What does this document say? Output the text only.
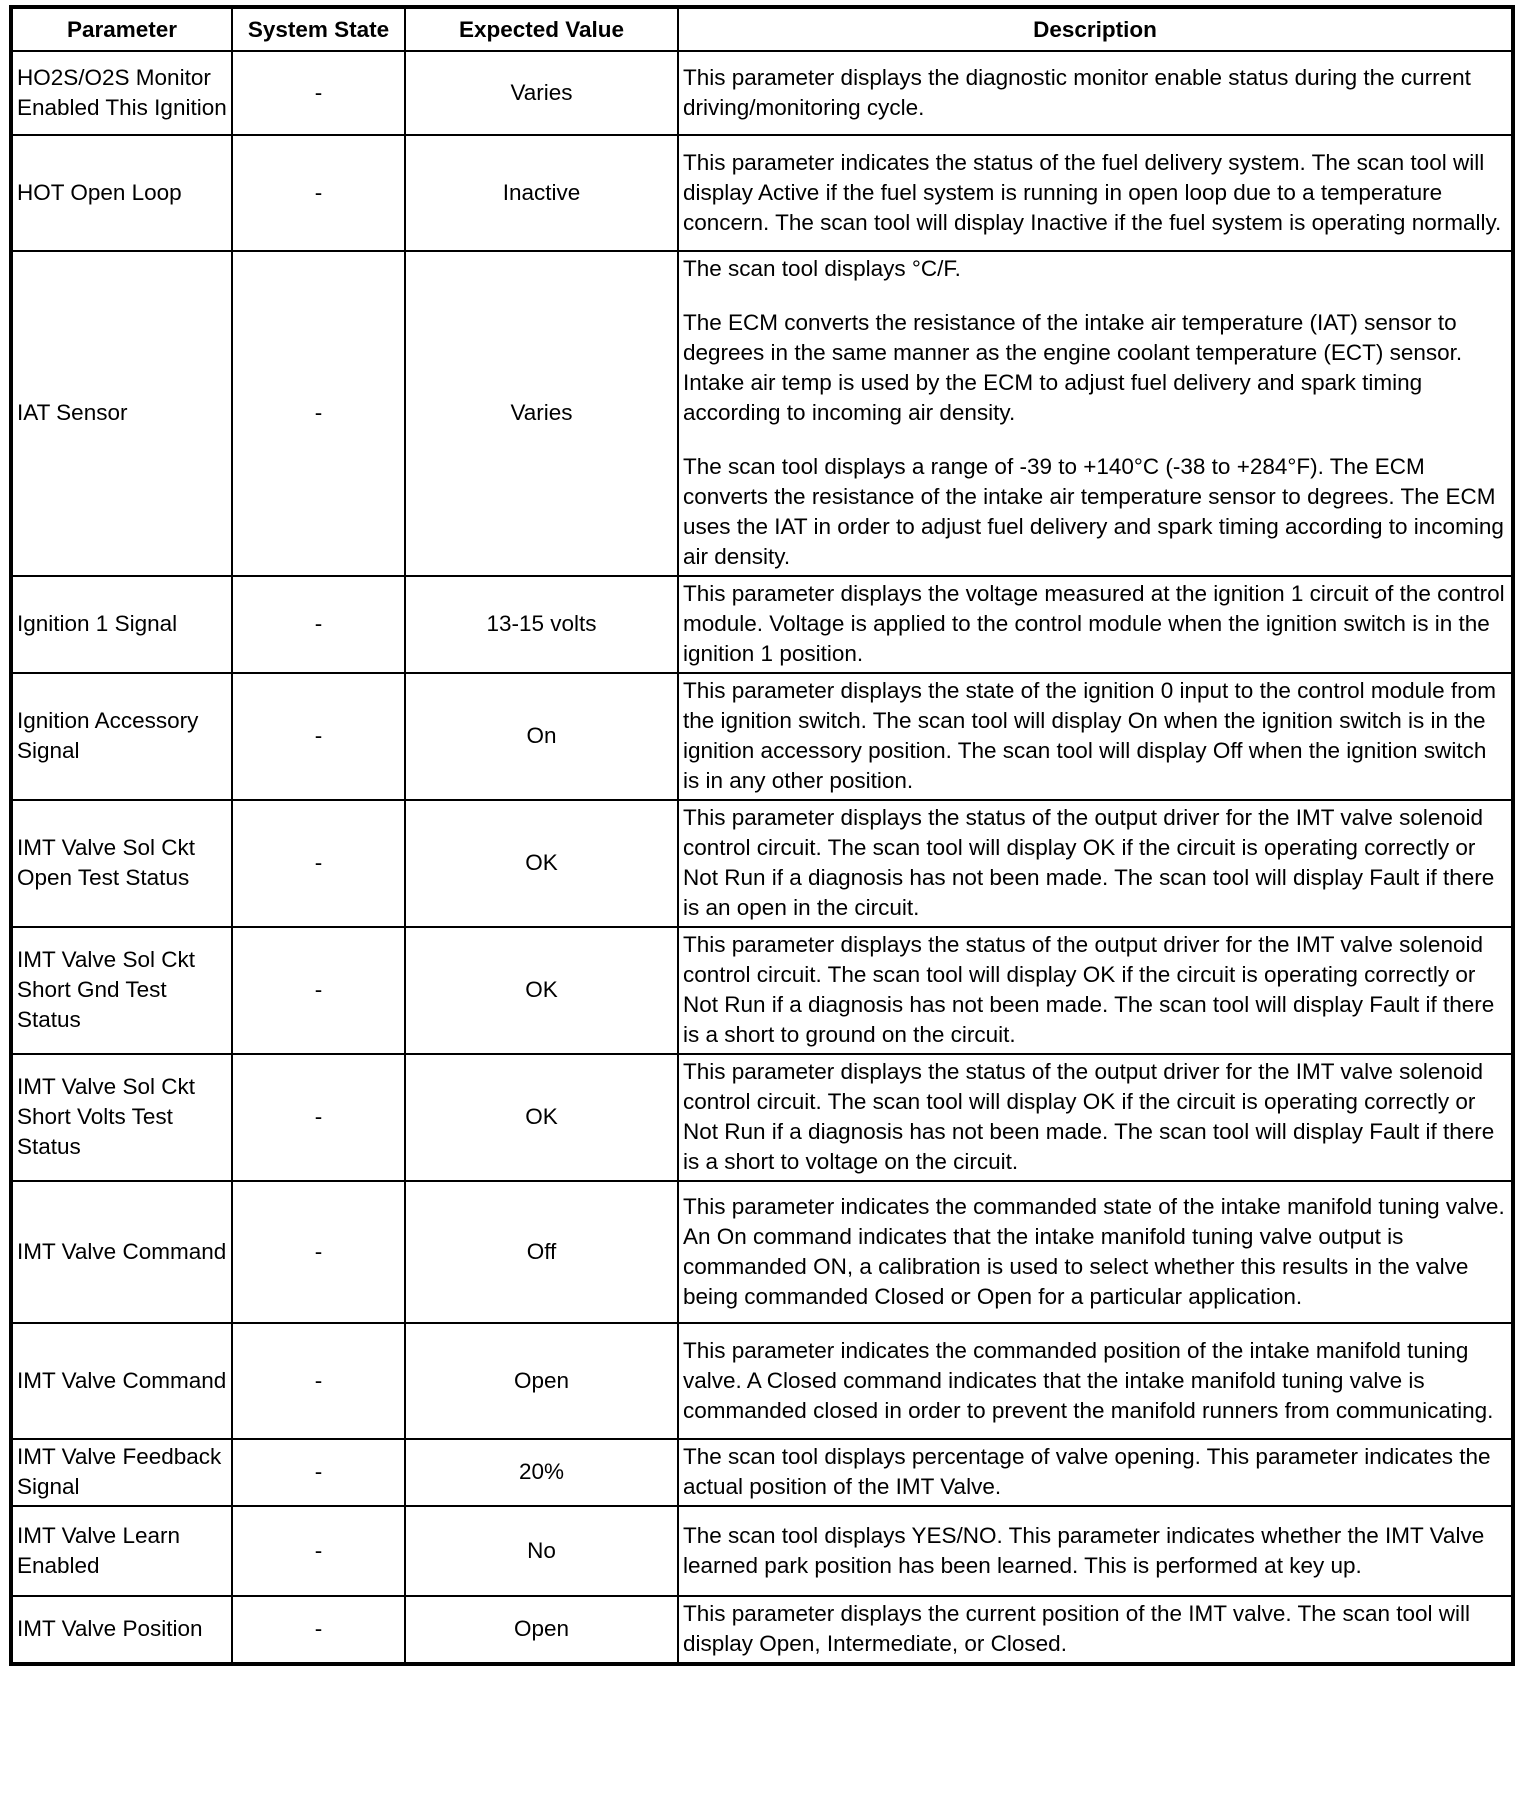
Parameter	System State	Expected Value	Description
HO2S/O2S Monitor Enabled This Ignition	-	Varies	This parameter displays the diagnostic monitor enable status during the current driving/monitoring cycle.

HOT Open Loop	-	Inactive	This parameter indicates the status of the fuel delivery system. The scan tool will display Active if the fuel system is running in open loop due to a temperature concern. The scan tool will display Inactive if the fuel system is operating normally.

IAT Sensor	-	Varies	The scan tool displays °C/F.

The ECM converts the resistance of the intake air temperature (IAT) sensor to degrees in the same manner as the engine coolant temperature (ECT) sensor. Intake air temp is used by the ECM to adjust fuel delivery and spark timing according to incoming air density.

The scan tool displays a range of -39 to +140°C (-38 to +284°F). The ECM converts the resistance of the intake air temperature sensor to degrees. The ECM uses the IAT in order to adjust fuel delivery and spark timing according to incoming air density.

Ignition 1 Signal	-	13-15 volts	This parameter displays the voltage measured at the ignition 1 circuit of the control module. Voltage is applied to the control module when the ignition switch is in the ignition 1 position.

Ignition Accessory Signal	-	On	This parameter displays the state of the ignition 0 input to the control module from the ignition switch. The scan tool will display On when the ignition switch is in the ignition accessory position. The scan tool will display Off when the ignition switch is in any other position.

IMT Valve Sol Ckt Open Test Status	-	OK	This parameter displays the status of the output driver for the IMT valve solenoid control circuit. The scan tool will display OK if the circuit is operating correctly or Not Run if a diagnosis has not been made. The scan tool will display Fault if there is an open in the circuit.

IMT Valve Sol Ckt Short Gnd Test Status	-	OK	This parameter displays the status of the output driver for the IMT valve solenoid control circuit. The scan tool will display OK if the circuit is operating correctly or Not Run if a diagnosis has not been made. The scan tool will display Fault if there is a short to ground on the circuit.

IMT Valve Sol Ckt Short Volts Test Status	-	OK	This parameter displays the status of the output driver for the IMT valve solenoid control circuit. The scan tool will display OK if the circuit is operating correctly or Not Run if a diagnosis has not been made. The scan tool will display Fault if there is a short to voltage on the circuit.

IMT Valve Command	-	Off	This parameter indicates the commanded state of the intake manifold tuning valve. An On command indicates that the intake manifold tuning valve output is commanded ON, a calibration is used to select whether this results in the valve being commanded Closed or Open for a particular application.

IMT Valve Command	-	Open	This parameter indicates the commanded position of the intake manifold tuning valve. A Closed command indicates that the intake manifold tuning valve is commanded closed in order to prevent the manifold runners from communicating.

IMT Valve Feedback Signal	-	20%	The scan tool displays percentage of valve opening. This parameter indicates the actual position of the IMT Valve.

IMT Valve Learn Enabled	-	No	The scan tool displays YES/NO. This parameter indicates whether the IMT Valve learned park position has been learned. This is performed at key up.

IMT Valve Position	-	Open	This parameter displays the current position of the IMT valve. The scan tool will display Open, Intermediate, or Closed.
